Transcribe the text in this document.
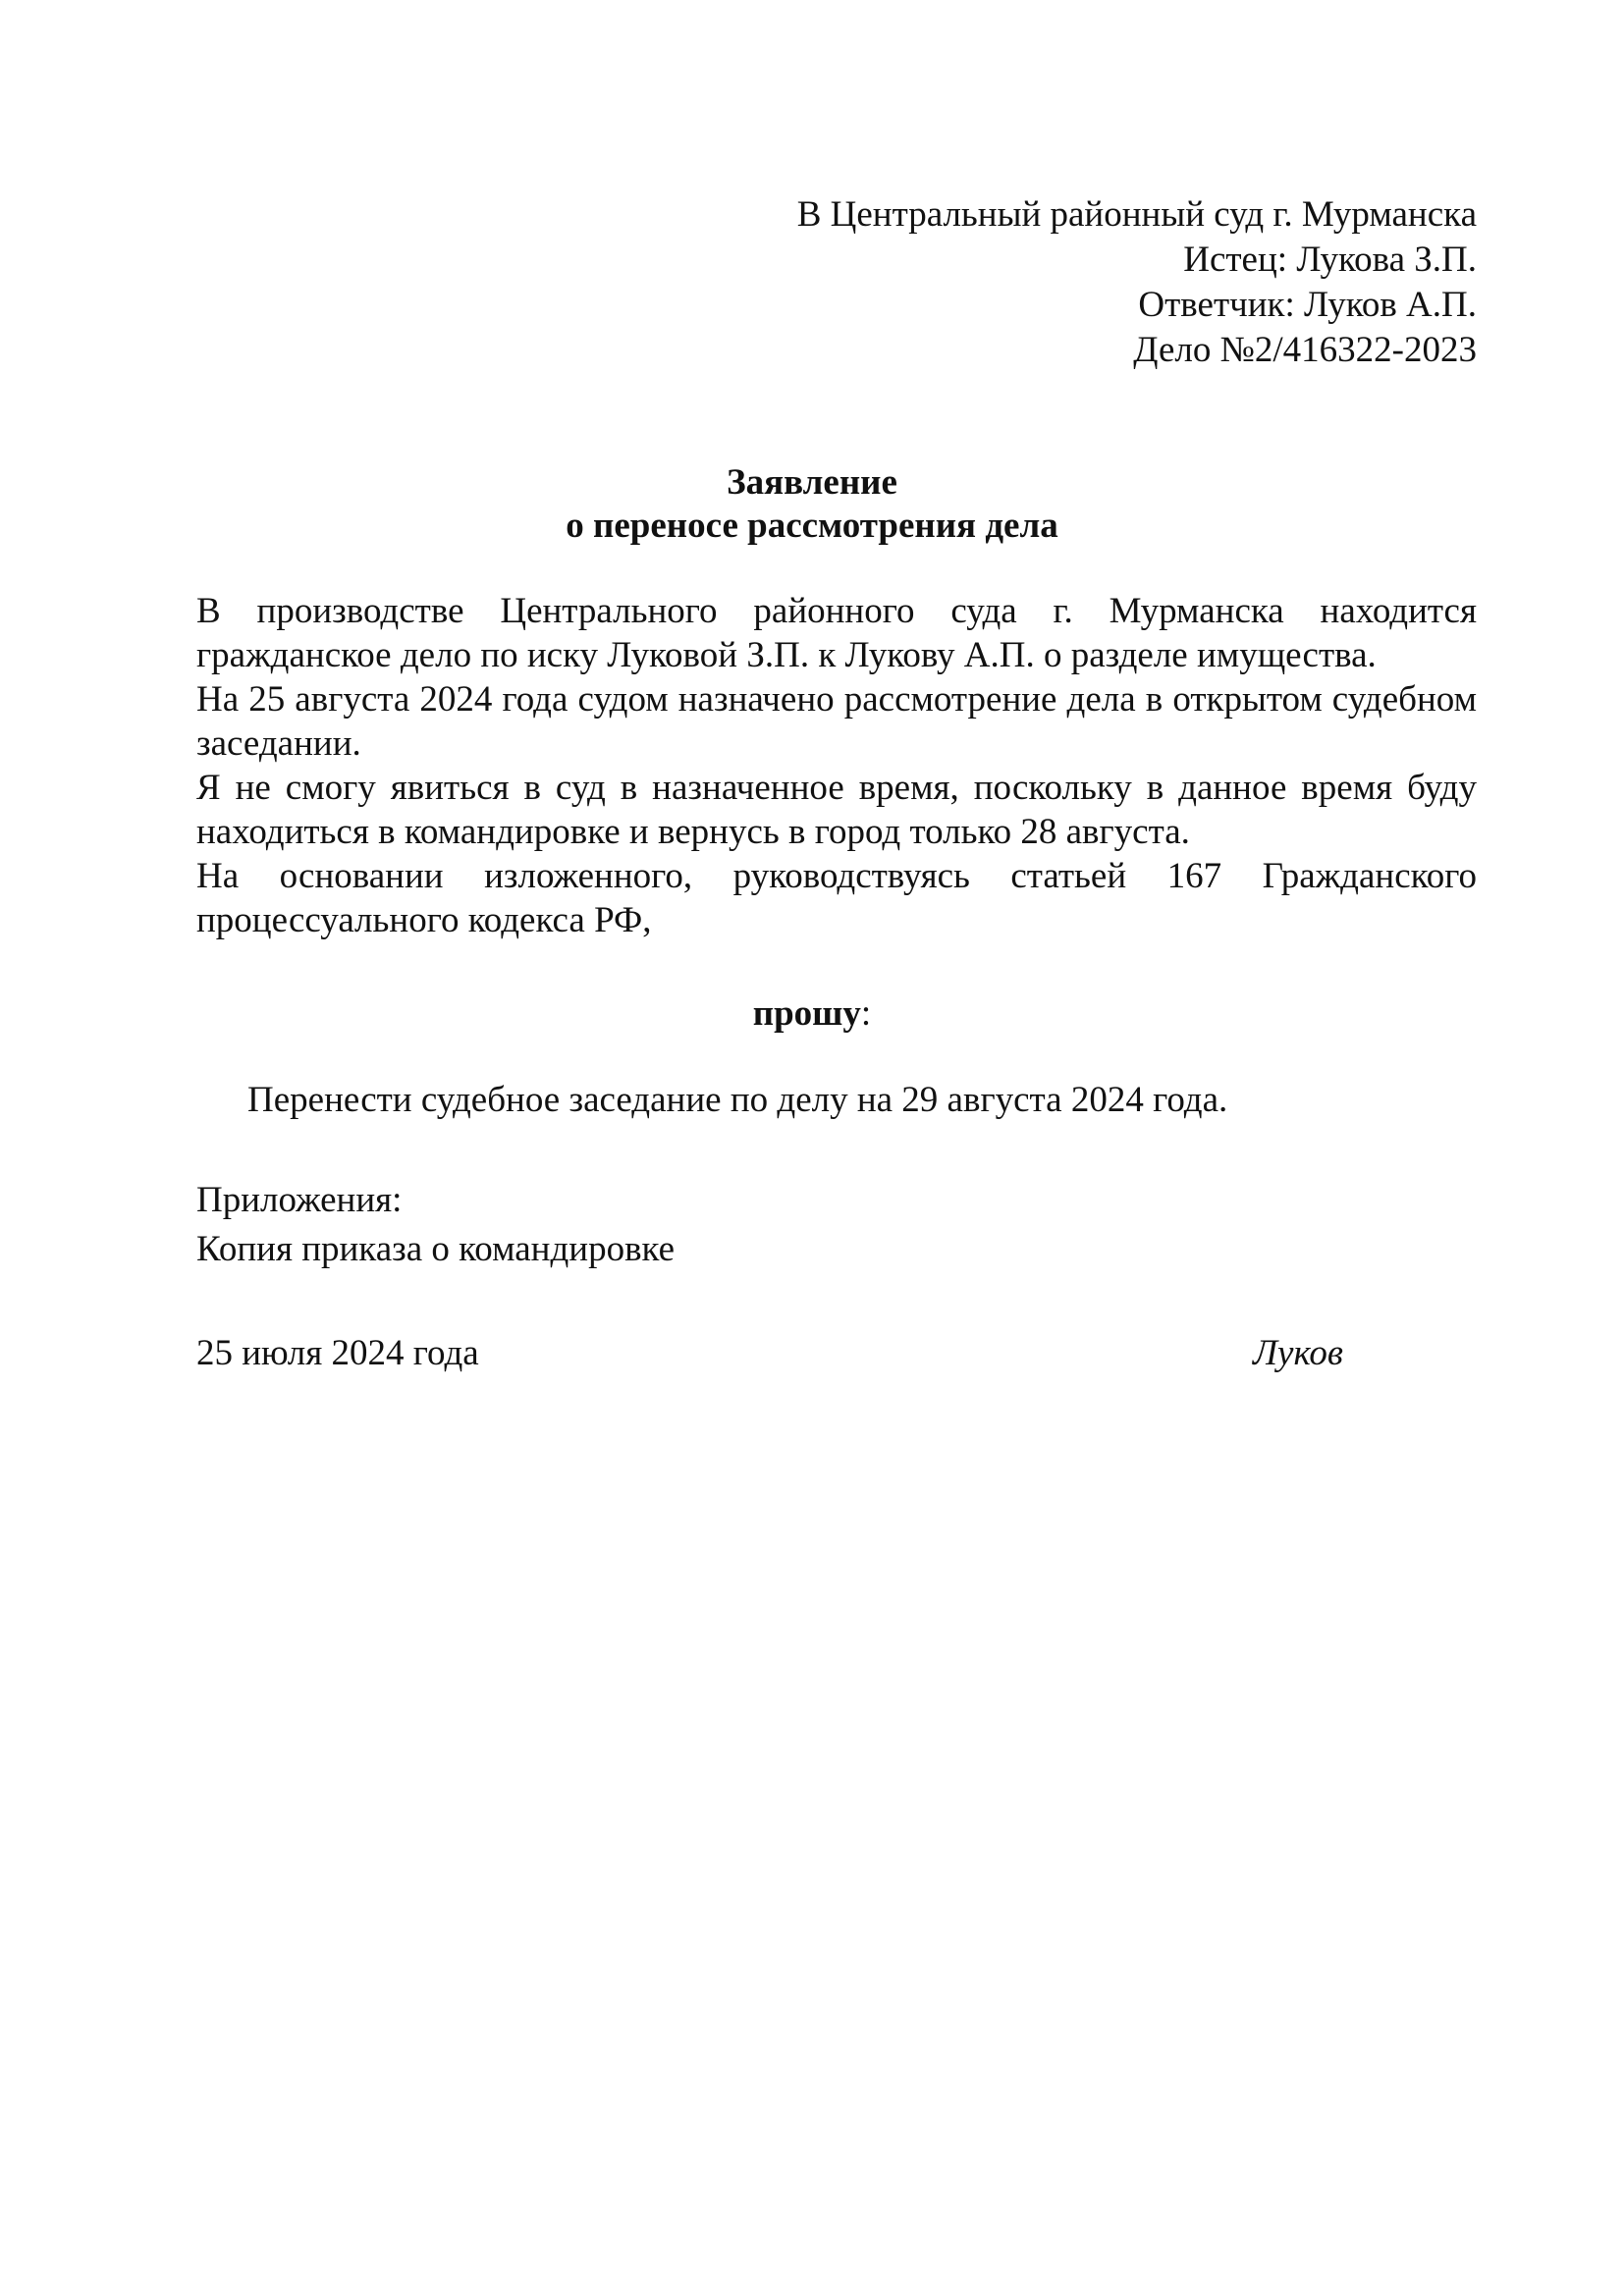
В Центральный районный суд г. Мурманска
Истец: Лукова З.П.
Ответчик: Луков А.П.
Дело №2/416322-2023
Заявление
о переносе рассмотрения дела

В производстве Центрального районного суда г. Мурманска находится гражданское дело по иску Луковой З.П. к Лукову А.П. о разделе имущества.

На 25 августа 2024 года судом назначено рассмотрение дела в открытом судебном заседании.

Я не смогу явиться в суд в назначенное время, поскольку в данное время буду находиться в командировке и вернусь в город только 28 августа.

На основании изложенного, руководствуясь статьей 167 Гражданского процессуального кодекса РФ,

прошу:
Перенести судебное заседание по делу на 29 августа 2024 года.
Приложения:
Копия приказа о командировке
25 июля 2024 года	Луков
